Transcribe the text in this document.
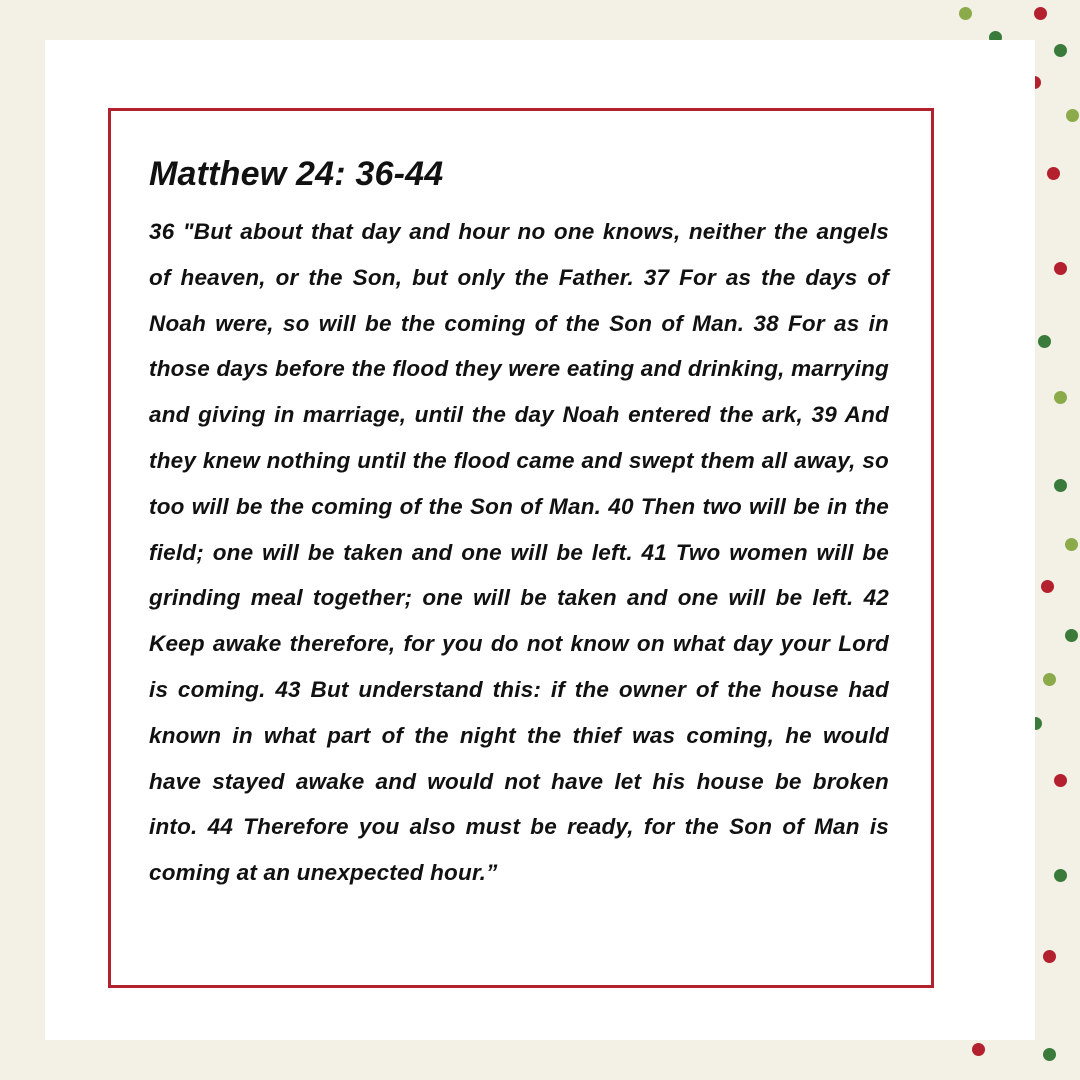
Matthew 24: 36-44

36 "But about that day and hour no one knows, neither the angels of heaven, or the Son, but only the Father. 37 For as the days of Noah were, so will be the coming of the Son of Man. 38 For as in those days before the flood they were eating and drinking, marrying and giving in marriage, until the day Noah entered the ark, 39 And they knew nothing until the flood came and swept them all away, so too will be the coming of the Son of Man. 40 Then two will be in the field; one will be taken and one will be left. 41 Two women will be grinding meal together; one will be taken and one will be left. 42 Keep awake therefore, for you do not know on what day your Lord is coming. 43 But understand this: if the owner of the house had known in what part of the night the thief was coming, he would have stayed awake and would not have let his house be broken into. 44 Therefore you also must be ready, for the Son of Man is coming at an unexpected hour.”
